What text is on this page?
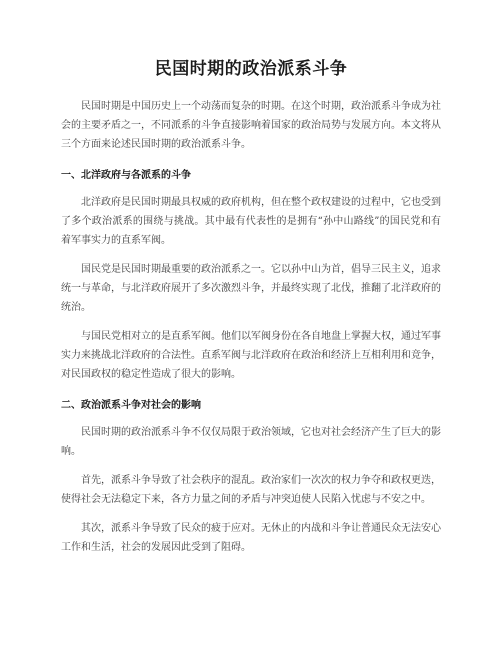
民国时期的政治派系斗争

民国时期是中国历史上一个动荡而复杂的时期。在这个时期，政治派系斗争成为社会的主要矛盾之一，不同派系的斗争直接影响着国家的政治局势与发展方向。本文将从三个方面来论述民国时期的政治派系斗争。

一、北洋政府与各派系的斗争

北洋政府是民国时期最具权威的政府机构，但在整个政权建设的过程中，它也受到了多个政治派系的围绕与挑战。其中最有代表性的是拥有“孙中山路线”的国民党和有着军事实力的直系军阀。

国民党是民国时期最重要的政治派系之一。它以孙中山为首，倡导三民主义，追求统一与革命，与北洋政府展开了多次激烈斗争，并最终实现了北伐，推翻了北洋政府的统治。

与国民党相对立的是直系军阀。他们以军阀身份在各自地盘上掌握大权，通过军事实力来挑战北洋政府的合法性。直系军阀与北洋政府在政治和经济上互相利用和竞争，对民国政权的稳定性造成了很大的影响。

二、政治派系斗争对社会的影响

民国时期的政治派系斗争不仅仅局限于政治领域，它也对社会经济产生了巨大的影响。

首先，派系斗争导致了社会秩序的混乱。政治家们一次次的权力争夺和政权更迭，使得社会无法稳定下来，各方力量之间的矛盾与冲突迫使人民陷入忧虑与不安之中。

其次，派系斗争导致了民众的疲于应对。无休止的内战和斗争让普通民众无法安心工作和生活，社会的发展因此受到了阻碍。
